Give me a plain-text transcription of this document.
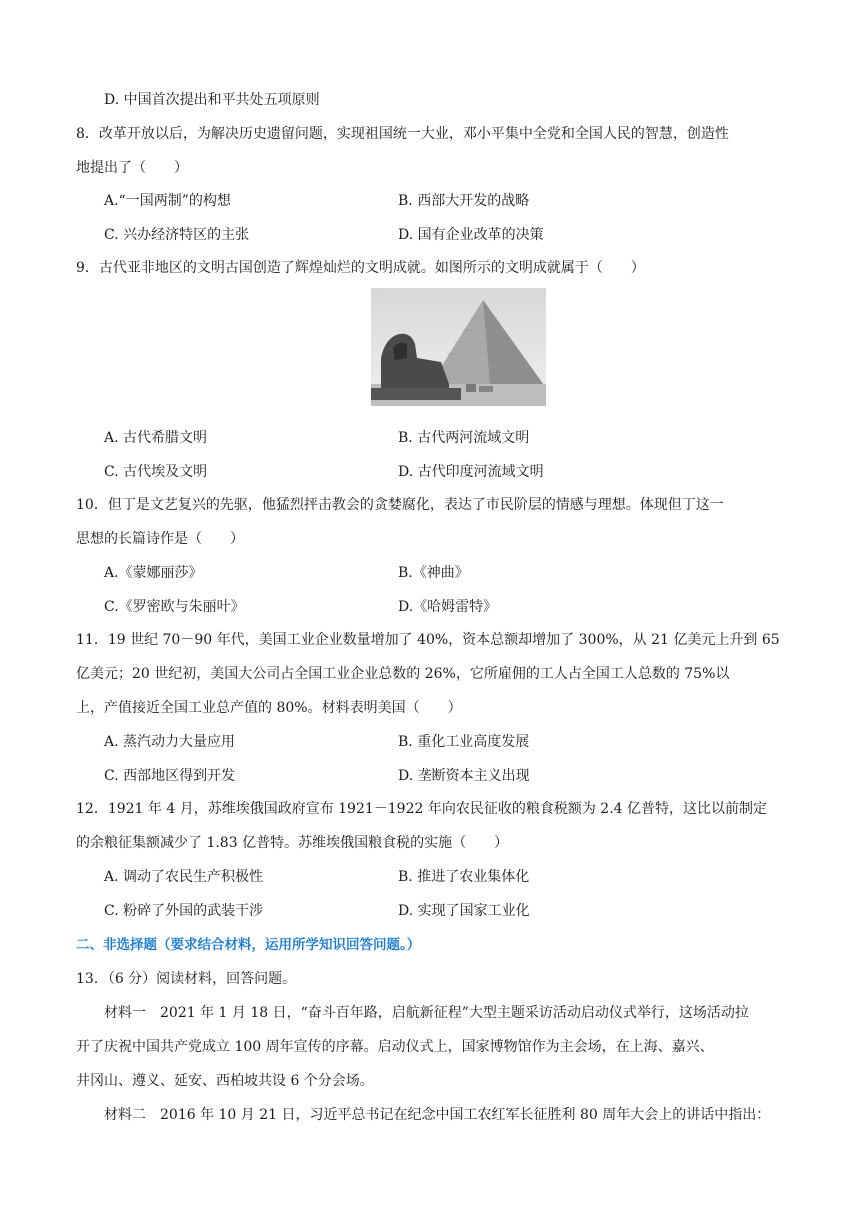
D. 中国首次提出和平共处五项原则
8．改革开放以后，为解决历史遗留问题，实现祖国统一大业，邓小平集中全党和全国人民的智慧，创造性
地提出了（　　）
A.“一国两制”的构想	B. 西部大开发的战略
C. 兴办经济特区的主张	D. 国有企业改革的决策
9．古代亚非地区的文明古国创造了辉煌灿烂的文明成就。如图所示的文明成就属于（　　）
A. 古代希腊文明	B. 古代两河流域文明
C. 古代埃及文明	D. 古代印度河流域文明
10．但丁是文艺复兴的先驱，他猛烈抨击教会的贪婪腐化，表达了市民阶层的情感与理想。体现但丁这一
思想的长篇诗作是（　　）
A.《蒙娜丽莎》	B.《神曲》
C.《罗密欧与朱丽叶》	D.《哈姆雷特》
11．19 世纪 70－90 年代，美国工业企业数量增加了 40%，资本总额却增加了 300%，从 21 亿美元上升到 65
亿美元；20 世纪初，美国大公司占全国工业企业总数的 26%，它所雇佣的工人占全国工人总数的 75%以
上，产值接近全国工业总产值的 80%。材料表明美国（　　）
A. 蒸汽动力大量应用	B. 重化工业高度发展
C. 西部地区得到开发	D. 垄断资本主义出现
12．1921 年 4 月，苏维埃俄国政府宣布 1921－1922 年向农民征收的粮食税额为 2.4 亿普特，这比以前制定
的余粮征集额减少了 1.83 亿普特。苏维埃俄国粮食税的实施（　　）
A. 调动了农民生产积极性	B. 推进了农业集体化
C. 粉碎了外国的武装干涉	D. 实现了国家工业化
二、非选择题（要求结合材料，运用所学知识回答问题。）
13．（6 分）阅读材料，回答问题。
材料一　2021 年 1 月 18 日，“奋斗百年路，启航新征程”大型主题采访活动启动仪式举行，这场活动拉
开了庆祝中国共产党成立 100 周年宣传的序幕。启动仪式上，国家博物馆作为主会场，在上海、嘉兴、
井冈山、遵义、延安、西柏坡共设 6 个分会场。
材料二　2016 年 10 月 21 日，习近平总书记在纪念中国工农红军长征胜利 80 周年大会上的讲话中指出：
